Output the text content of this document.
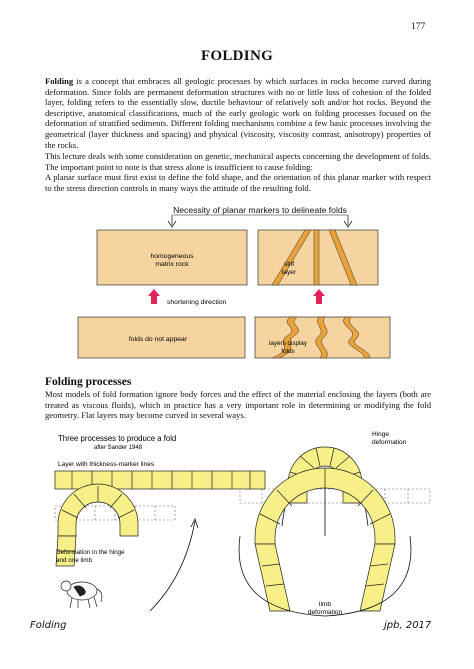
177
FOLDING
Folding is a concept that embraces all geologic processes by which surfaces in rocks become curved during deformation. Since folds are permanent deformation structures with no or little loss of cohesion of the folded layer, folding refers to the essentially slow, ductile behaviour of relatively soft and/or hot rocks. Beyond the descriptive, anatomical classifications, much of the early geologic work on folding processes focused on the deformation of stratified sediments. Different folding mechanisms combine a few basic processes involving the geometrical (layer thickness and spacing) and physical (viscosity, viscosity contrast, anisotropy) properties of the rocks.
This lecture deals with some consideration on genetic, mechanical aspects concerning the development of folds. The important point to note is that stress alone is insufficient to cause folding:
A planar surface must first exist to define the fold shape, and the orientation of this planar marker with respect to the stress direction controls in many ways the attitude of the resulting fold.
Necessity of planar markers to delineate folds
homogeneous
matrix rock	stiff
layer
shortening direction
folds do not appear
layers display
folds
Folding processes
Most models of fold formation ignore body forces and the effect of the material enclosing the layers (both are treated as viscous fluids), which in practice has a very important role in determining or modifying the fold geometry. Flat layers may become curved in several ways.
Three processes to produce a fold
after Sander 1948
Layer with thickness-marker lines
Hinge
deformation
Deformation in the hinge
and one limb
limb
deformation
Folding	jpb, 2017
